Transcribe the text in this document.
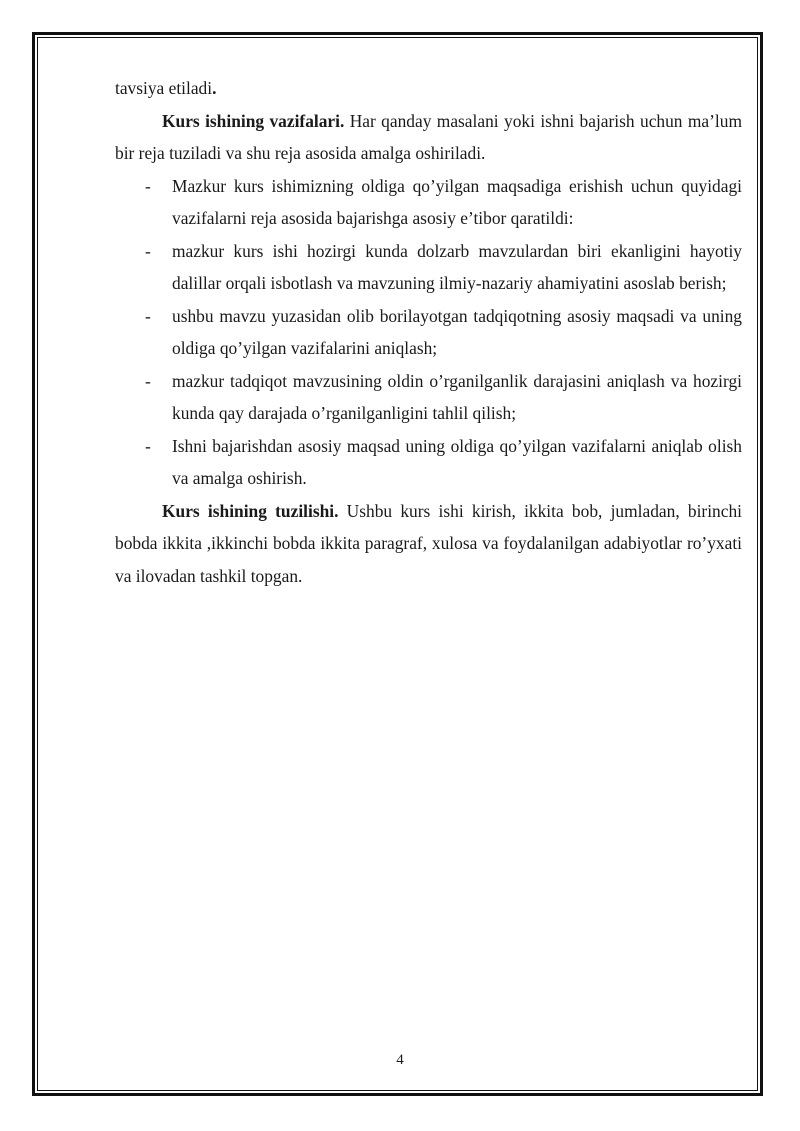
tavsiya etiladi.

Kurs ishining vazifalari. Har qanday masalani yoki ishni bajarish uchun ma’lum bir reja tuziladi va shu reja asosida amalga oshiriladi.

- Mazkur kurs ishimizning oldiga qo’yilgan maqsadiga erishish uchun quyidagi vazifalarni reja asosida bajarishga asosiy e’tibor qaratildi:
- mazkur kurs ishi hozirgi kunda dolzarb mavzulardan biri ekanligini hayotiy dalillar orqali isbotlash va mavzuning ilmiy-nazariy ahamiyatini asoslab berish;
- ushbu mavzu yuzasidan olib borilayotgan tadqiqotning asosiy maqsadi va uning oldiga qo’yilgan vazifalarini aniqlash;
- mazkur tadqiqot mavzusining oldin o’rganilganlik darajasini aniqlash va hozirgi kunda qay darajada o’rganilganligini tahlil qilish;
- Ishni bajarishdan asosiy maqsad uning oldiga qo’yilgan vazifalarni aniqlab olish va amalga oshirish.

Kurs ishining tuzilishi. Ushbu kurs ishi kirish, ikkita bob, jumladan, birinchi bobda ikkita ,ikkinchi bobda ikkita paragraf, xulosa va foydalanilgan adabiyotlar ro’yxati va ilovadan tashkil topgan.

4
